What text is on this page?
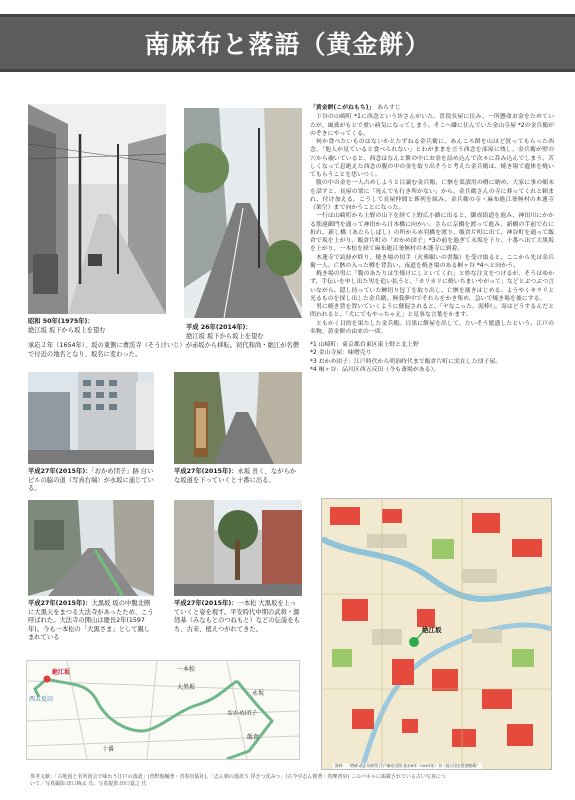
南麻布と落語（黄金餅）

昭和 50年(1975年)：
絶江坂 坂下から坂上を望む	平成 26年(2014年)：
絶江坂 坂下から坂上を望む

承応２年（1654年）、坂の東側に曹渓寺（そうけいじ）が赤坂から移転。初代和尚・絶江が名僧で付近の地名となり、坂名に変わった。

平成27年(2015年)：「おかめ団子」跡 白いビルの脇の道（写真右端）が永坂に通じている。

平成27年(2015年)：永坂 長く、ながらかな坂道を下っていくと十番に出る。

平成27年(2015年)：大黒坂 坂の中腹北側に大黒天をまつる大法寺があったため、こう呼ばれた。大法寺の開山は慶長2年(1597年)。今も一本松の「大黒さま」として親しまれている

平成27年(2015年)：一本松 大黒坂を上っていくと姿を現す。平安時代中期の武将・源経基（みなもとのつねもと）などの伝説をもち、古来、植えつがれてきた。

「黄金餅(こがねもち)」　あらすじ

下谷の山崎町 *1に西念という坊さんがいた。普段長屋に住み、一所懸命お金をためていたが、風邪がもとで重い病気になってしまう。そこへ隣に住んでいた金山寺屋 *2の金兵衛がのぞきにやってくる。

何か食べたいものはないかとたずねる金兵衛に、あんころ餅を山ほど買ってもらった西念。「他人が見ていると食べられない」とわがままを言う西念を部屋に残し、金兵衛が壁の穴から覗いていると、西念はなんと餅の中にお金を詰め込んで次々に呑み込んでしまう。苦しくなって息絶えた西念の腹の中の金を取り出そうと考えた金兵衛は、焼き場で遺体を焼いてもらうことを思いつく。

腹の中の金を一人占めしようと目論む金兵衛。亡骸を菜漬用の樽に納め、大家に事の顛末を話すと、長屋の衆に「死んでも行き所がない」から、金兵衛さんの寺に葬ってくれと頼まれ、付け加える。こうして長屋仲間と葬列を組み、金兵衛の寺・麻布絶江釜無村の木蓮寺（架空）まで向かうことになった。

一行は山崎町から上野の山下を経て上野広小路に出ると、御成街道を進み、神田川にかかる筋違御門を通って神田から日本橋に向かい、さらに京橋を渡って進み、新橋の手前で右に折れ、新し橋（あたらしばし）の所から赤羽橋を渡り、飯倉片町に出て、神谷町を通って飯倉で坂を上がり、飯倉片町の「おかめ団子」*3の前を過ぎて永坂を下り、十番へ出て大黒坂を上がり、一本松を経て麻布絶江釜無村の木蓮寺に到着。

木蓮寺で読経が終り、焼き場の切手（火葬願いの書類）を受け取ると、ここから先は金兵衛一人。亡骸の入った樽を背負い、夜道を焼き場のある桐ヶ谷 *4へと向かう。

焼き場の男に「腹のあたりは生焼けにしといてくれ」と妙な注文をつけるが、そうはゆかず、手伝いを申し出た男を追い払うと、「カリカリに焼いちまいやがって」などとぶつぶつ言いながら、隠し持っていた鯵切り包丁を取り出し、亡骸を掻きはじめる。ようやくキラリと光るものを探し出した金兵衛。無我夢中でそれらをかき集め、急いで焼き場を後にする。

男に焼き賃を置いていくように催促されると、「ヤなこった、泥棒!」。寄はどうするんだと問われると、「犬にでもやっちゃえ」と見事な言葉をかます。

ともかく目的を果たした金兵衛。目黒に餅屋を出して、たいそう繁盛したという。江戸の名物、黄金餅の由来の一席。

*1 山崎町：東京都台東区東上野と北上野

*2 金山寺屋：味噌売り

*3 おかめ団子：江戸時代から明治時代まで飯倉片町に実在した団子屋。

*4 桐ヶ谷：品川区西五反田（今も斎場がある）。

絶江坂
資料：「増補 改正切絵図 江戸麻布辺図 嘉永6年（1853年）刊（国立国会図書館蔵）
絶江坂
西五反田
一本松
大黒坂
永坂
おかめ団子
十番
飯倉
参考文献：「古地図と名所図会で味わう江戸の落語」(菅野俊輔著・青春出版社)、「志ん朝の落語５ 浮きつ沈みつ」(古今亭志ん朝著・筑摩書房) このパネルに掲載されている古い写真について／写真撮影:田口梅太 氏、写真提供:田口嘉之 氏
